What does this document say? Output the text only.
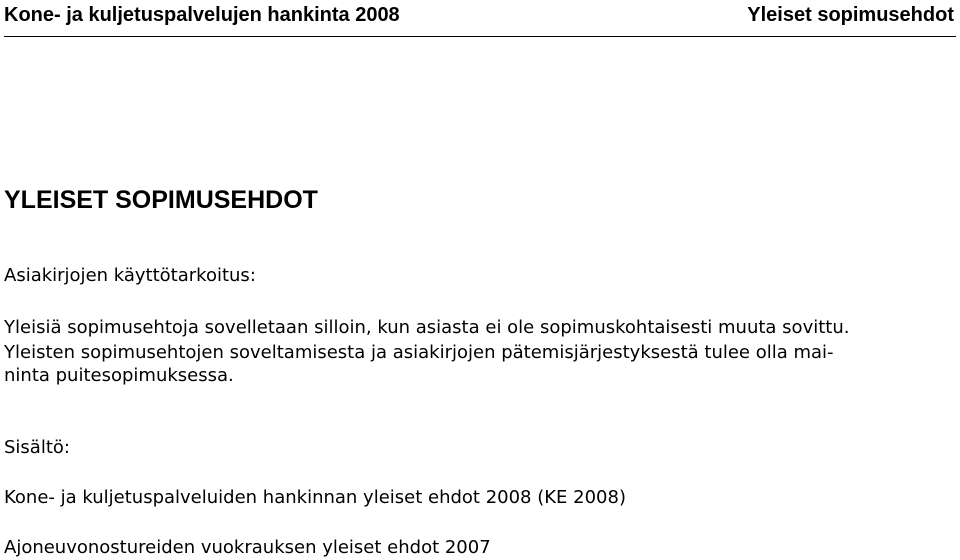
Kone- ja kuljetuspalvelujen hankinta 2008	Yleiset sopimusehdot
YLEISET SOPIMUSEHDOT
Asiakirjojen käyttötarkoitus:
Yleisiä sopimusehtoja sovelletaan silloin, kun asiasta ei ole sopimuskohtaisesti muuta sovittu.
Yleisten sopimusehtojen soveltamisesta ja asiakirjojen pätemisjärjestyksestä tulee olla mai-
ninta puitesopimuksessa.
Sisältö:
Kone- ja kuljetuspalveluiden hankinnan yleiset ehdot 2008 (KE 2008)
Ajoneuvonostureiden vuokrauksen yleiset ehdot 2007
